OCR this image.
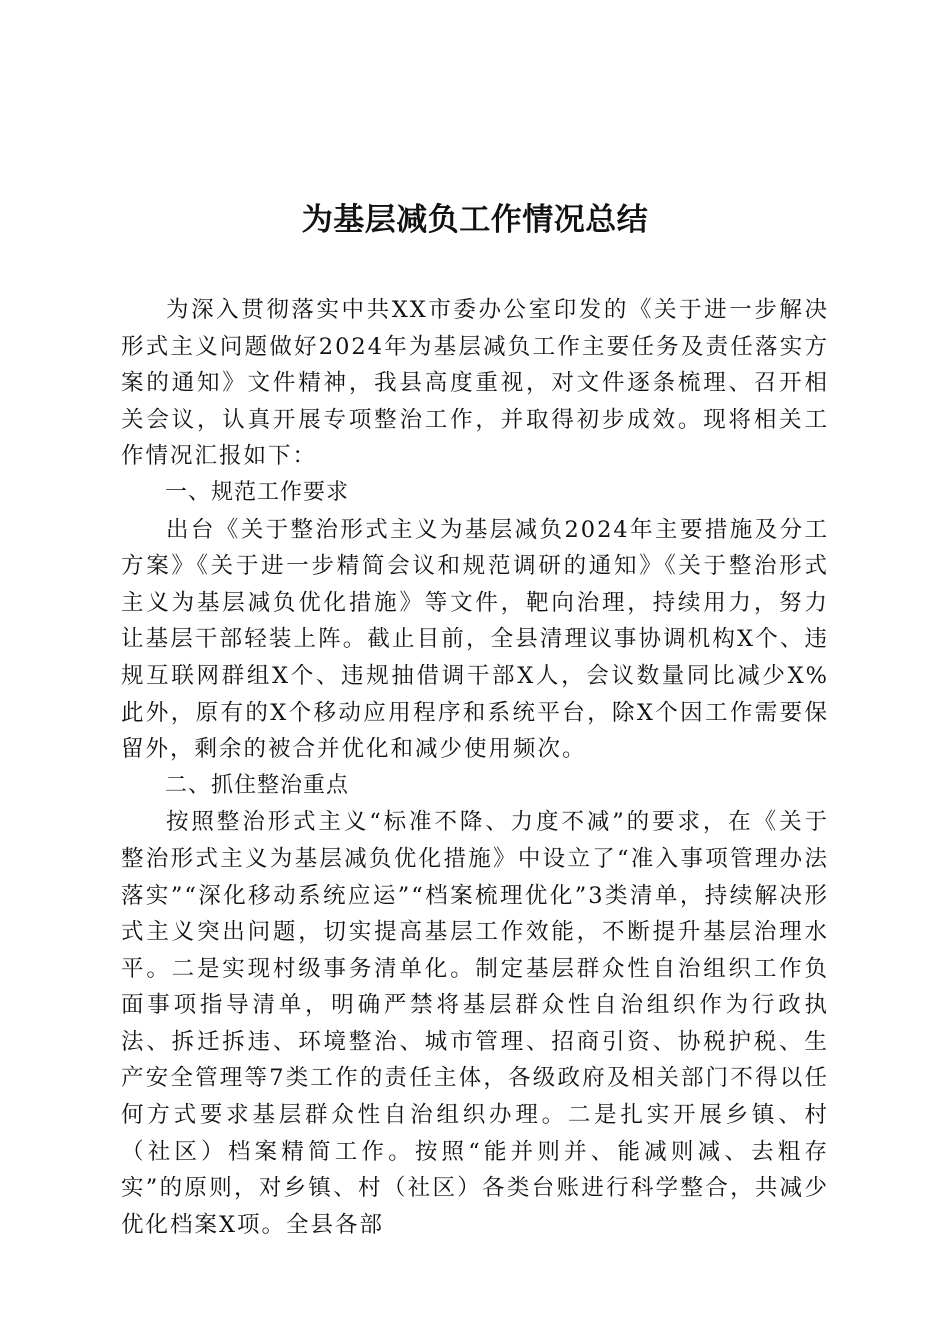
为基层减负工作情况总结

为深入贯彻落实中共XX市委办公室印发的《关于进一步解决形式主义问题做好2024年为基层减负工作主要任务及责任落实方案的通知》文件精神，我县高度重视，对文件逐条梳理、召开相关会议，认真开展专项整治工作，并取得初步成效。现将相关工作情况汇报如下：

一、规范工作要求

出台《关于整治形式主义为基层减负2024年主要措施及分工方案》《关于进一步精简会议和规范调研的通知》《关于整治形式主义为基层减负优化措施》等文件，靶向治理，持续用力，努力让基层干部轻装上阵。截止目前，全县清理议事协调机构X个、违规互联网群组X个、违规抽借调干部X人，会议数量同比减少X%此外，原有的X个移动应用程序和系统平台，除X个因工作需要保留外，剩余的被合并优化和减少使用频次。

二、抓住整治重点

按照整治形式主义“标准不降、力度不减”的要求，在《关于整治形式主义为基层减负优化措施》中设立了“准入事项管理办法落实”“深化移动系统应运”“档案梳理优化”3类清单，持续解决形式主义突出问题，切实提高基层工作效能，不断提升基层治理水平。二是实现村级事务清单化。制定基层群众性自治组织工作负面事项指导清单，明确严禁将基层群众性自治组织作为行政执法、拆迁拆违、环境整治、城市管理、招商引资、协税护税、生产安全管理等7类工作的责任主体，各级政府及相关部门不得以任何方式要求基层群众性自治组织办理。二是扎实开展乡镇、村（社区）档案精简工作。按照“能并则并、能减则减、去粗存实”的原则，对乡镇、村（社区）各类台账进行科学整合，共减少优化档案X项。全县各部
